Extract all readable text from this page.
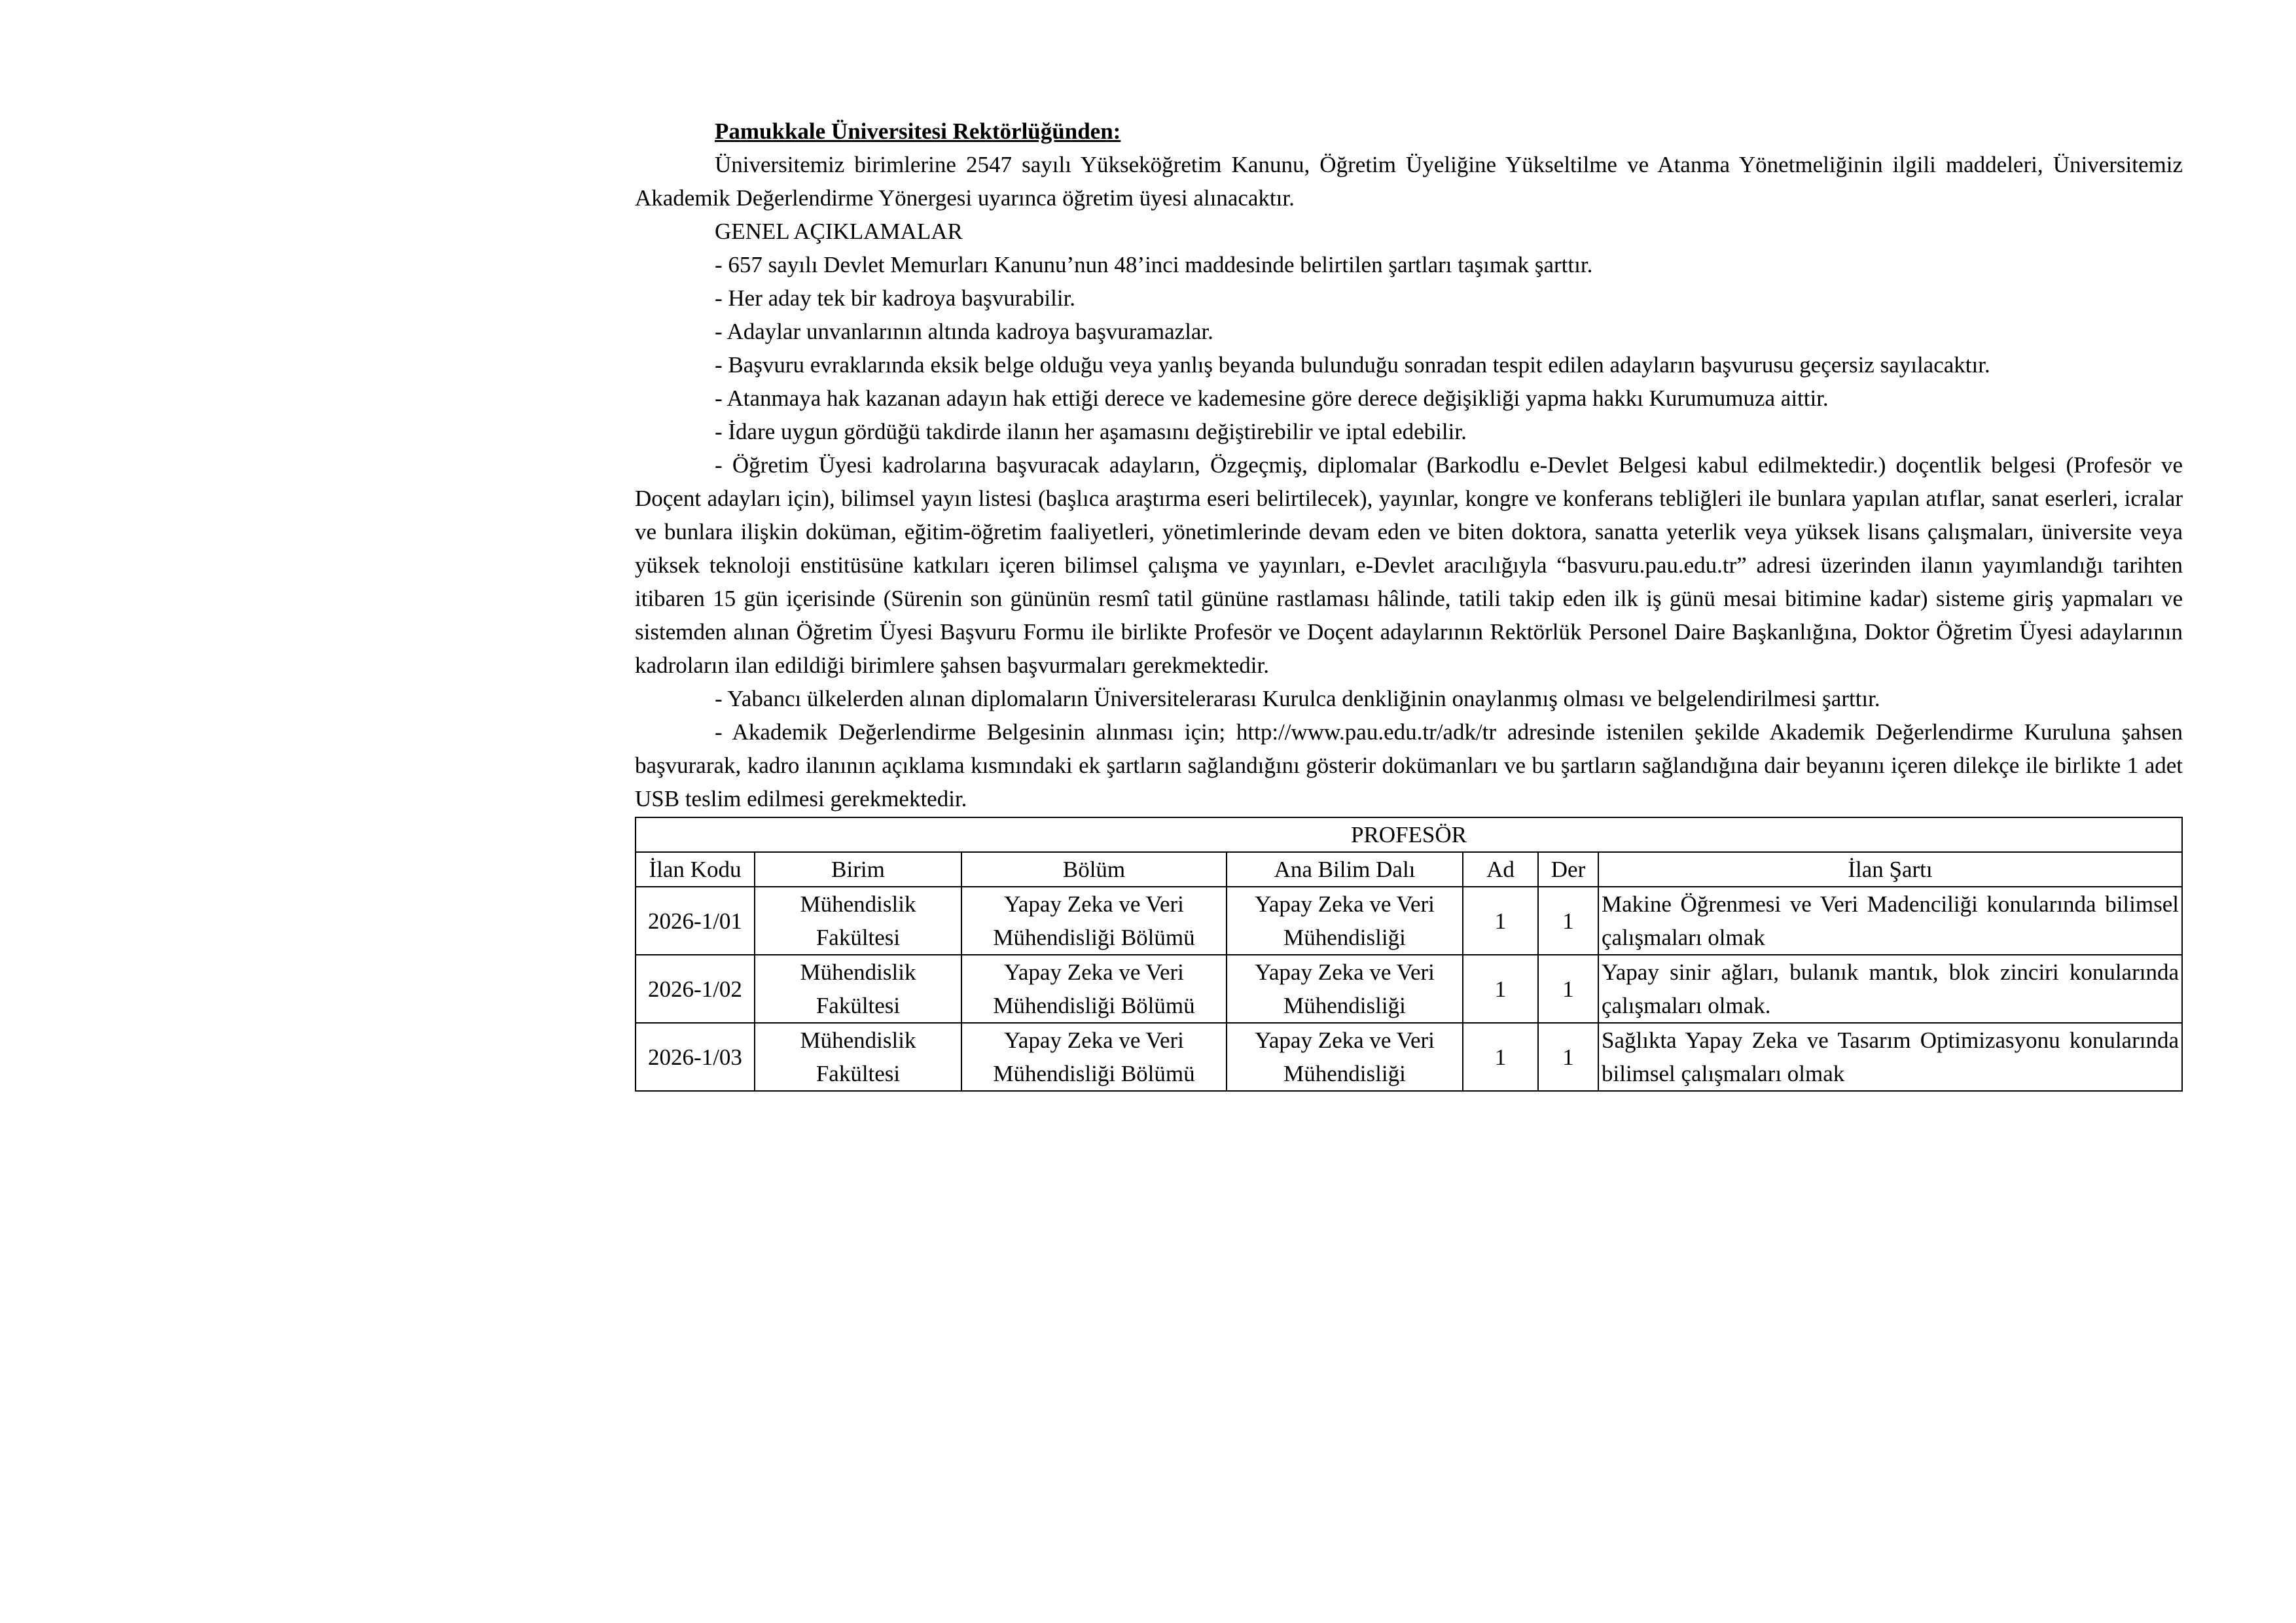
Pamukkale Üniversitesi Rektörlüğünden:

Üniversitemiz birimlerine 2547 sayılı Yükseköğretim Kanunu, Öğretim Üyeliğine Yükseltilme ve Atanma Yönetmeliğinin ilgili maddeleri, Üniversitemiz Akademik Değerlendirme Yönergesi uyarınca öğretim üyesi alınacaktır.

GENEL AÇIKLAMALAR

- 657 sayılı Devlet Memurları Kanunu’nun 48’inci maddesinde belirtilen şartları taşımak şarttır.

- Her aday tek bir kadroya başvurabilir.

- Adaylar unvanlarının altında kadroya başvuramazlar.

- Başvuru evraklarında eksik belge olduğu veya yanlış beyanda bulunduğu sonradan tespit edilen adayların başvurusu geçersiz sayılacaktır.

- Atanmaya hak kazanan adayın hak ettiği derece ve kademesine göre derece değişikliği yapma hakkı Kurumumuza aittir.

- İdare uygun gördüğü takdirde ilanın her aşamasını değiştirebilir ve iptal edebilir.

- Öğretim Üyesi kadrolarına başvuracak adayların, Özgeçmiş, diplomalar (Barkodlu e-Devlet Belgesi kabul edilmektedir.) doçentlik belgesi (Profesör ve Doçent adayları için), bilimsel yayın listesi (başlıca araştırma eseri belirtilecek), yayınlar, kongre ve konferans tebliğleri ile bunlara yapılan atıflar, sanat eserleri, icralar ve bunlara ilişkin doküman, eğitim-öğretim faaliyetleri, yönetimlerinde devam eden ve biten doktora, sanatta yeterlik veya yüksek lisans çalışmaları, üniversite veya yüksek teknoloji enstitüsüne katkıları içeren bilimsel çalışma ve yayınları, e-Devlet aracılığıyla “basvuru.pau.edu.tr” adresi üzerinden ilanın yayımlandığı tarihten itibaren 15 gün içerisinde (Sürenin son gününün resmî tatil gününe rastlaması hâlinde, tatili takip eden ilk iş günü mesai bitimine kadar) sisteme giriş yapmaları ve sistemden alınan Öğretim Üyesi Başvuru Formu ile birlikte Profesör ve Doçent adaylarının Rektörlük Personel Daire Başkanlığına, Doktor Öğretim Üyesi adaylarının kadroların ilan edildiği birimlere şahsen başvurmaları gerekmektedir.

- Yabancı ülkelerden alınan diplomaların Üniversitelerarası Kurulca denkliğinin onaylanmış olması ve belgelendirilmesi şarttır.

- Akademik Değerlendirme Belgesinin alınması için; http://www.pau.edu.tr/adk/tr adresinde istenilen şekilde Akademik Değerlendirme Kuruluna şahsen başvurarak, kadro ilanının açıklama kısmındaki ek şartların sağlandığını gösterir dokümanları ve bu şartların sağlandığına dair beyanını içeren dilekçe ile birlikte 1 adet USB teslim edilmesi gerekmektedir.

PROFESÖR						
İlan Kodu	Birim	Bölüm	Ana Bilim Dalı	Ad	Der	İlan Şartı
2026-1/01	Mühendislik Fakültesi	Yapay Zeka ve Veri Mühendisliği Bölümü	Yapay Zeka ve Veri Mühendisliği	1	1	Makine Öğrenmesi ve Veri Madenciliği konularında bilimsel çalışmaları olmak
2026-1/02	Mühendislik Fakültesi	Yapay Zeka ve Veri Mühendisliği Bölümü	Yapay Zeka ve Veri Mühendisliği	1	1	Yapay sinir ağları, bulanık mantık, blok zinciri konularında çalışmaları olmak.
2026-1/03	Mühendislik Fakültesi	Yapay Zeka ve Veri Mühendisliği Bölümü	Yapay Zeka ve Veri Mühendisliği	1	1	Sağlıkta Yapay Zeka ve Tasarım Optimizasyonu konularında bilimsel çalışmaları olmak
